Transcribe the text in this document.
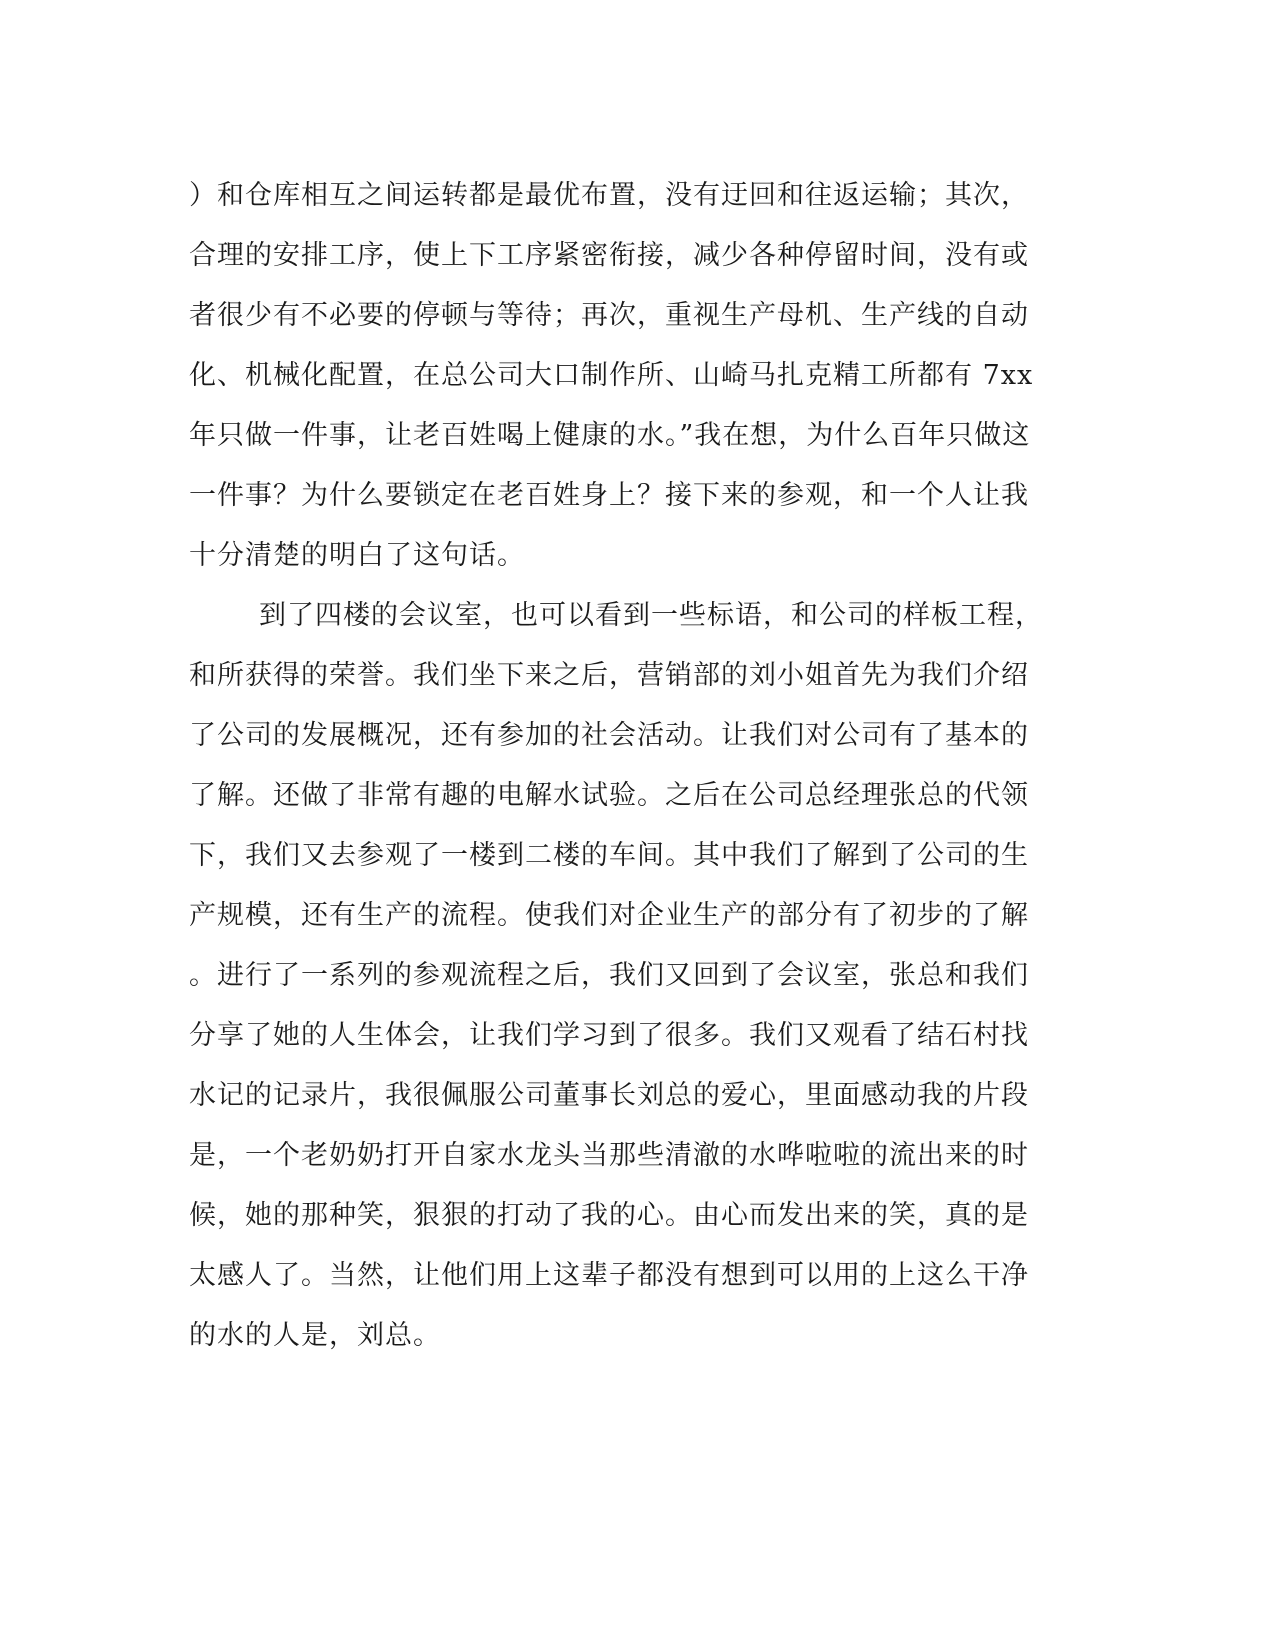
）和仓库相互之间运转都是最优布置，没有迂回和往返运输；其次，
合理的安排工序，使上下工序紧密衔接，减少各种停留时间，没有或
者很少有不必要的停顿与等待；再次，重视生产母机、生产线的自动
化、机械化配置，在总公司大口制作所、山崎马扎克精工所都有 7xx
年只做一件事，让老百姓喝上健康的水。”我在想，为什么百年只做这
一件事？为什么要锁定在老百姓身上？接下来的参观，和一个人让我
十分清楚的明白了这句话。
到了四楼的会议室，也可以看到一些标语，和公司的样板工程，
和所获得的荣誉。我们坐下来之后，营销部的刘小姐首先为我们介绍
了公司的发展概况，还有参加的社会活动。让我们对公司有了基本的
了解。还做了非常有趣的电解水试验。之后在公司总经理张总的代领
下，我们又去参观了一楼到二楼的车间。其中我们了解到了公司的生
产规模，还有生产的流程。使我们对企业生产的部分有了初步的了解
。进行了一系列的参观流程之后，我们又回到了会议室，张总和我们
分享了她的人生体会，让我们学习到了很多。我们又观看了结石村找
水记的记录片，我很佩服公司董事长刘总的爱心，里面感动我的片段
是，一个老奶奶打开自家水龙头当那些清澈的水哗啦啦的流出来的时
候，她的那种笑，狠狠的打动了我的心。由心而发出来的笑，真的是
太感人了。当然，让他们用上这辈子都没有想到可以用的上这么干净
的水的人是，刘总。
